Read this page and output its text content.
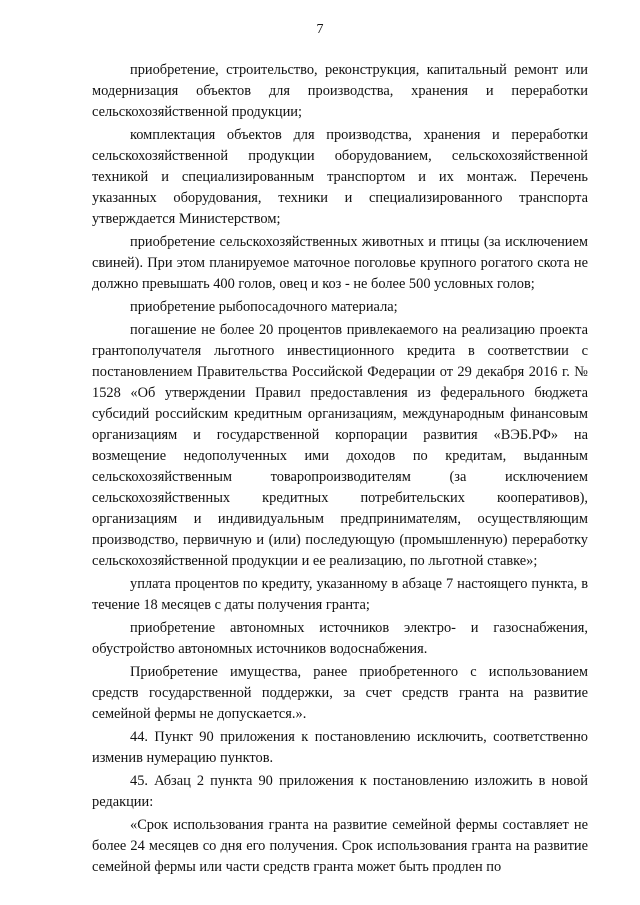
7

приобретение, строительство, реконструкция, капитальный ремонт или модернизация объектов для производства, хранения и переработки сельскохозяйственной продукции;

комплектация объектов для производства, хранения и переработки сельскохозяйственной продукции оборудованием, сельскохозяйственной техникой и специализированным транспортом и их монтаж. Перечень указанных оборудования, техники и специализированного транспорта утверждается Министерством;

приобретение сельскохозяйственных животных и птицы (за исключением свиней). При этом планируемое маточное поголовье крупного рогатого скота не должно превышать 400 голов, овец и коз - не более 500 условных голов;

приобретение рыбопосадочного материала;

погашение не более 20 процентов привлекаемого на реализацию проекта грантополучателя льготного инвестиционного кредита в соответствии с постановлением Правительства Российской Федерации от 29 декабря 2016 г. № 1528 «Об утверждении Правил предоставления из федерального бюджета субсидий российским кредитным организациям, международным финансовым организациям и государственной корпорации развития «ВЭБ.РФ» на возмещение недополученных ими доходов по кредитам, выданным сельскохозяйственным товаропроизводителям (за исключением сельскохозяйственных кредитных потребительских кооперативов), организациям и индивидуальным предпринимателям, осуществляющим производство, первичную и (или) последующую (промышленную) переработку сельскохозяйственной продукции и ее реализацию, по льготной ставке»;

уплата процентов по кредиту, указанному в абзаце 7 настоящего пункта, в течение 18 месяцев с даты получения гранта;

приобретение автономных источников электро- и газоснабжения, обустройство автономных источников водоснабжения.

Приобретение имущества, ранее приобретенного с использованием средств государственной поддержки, за счет средств гранта на развитие семейной фермы не допускается.».

44. Пункт 90 приложения к постановлению исключить, соответственно изменив нумерацию пунктов.

45. Абзац 2 пункта 90 приложения к постановлению изложить в новой редакции:

«Срок использования гранта на развитие семейной фермы составляет не более 24 месяцев со дня его получения. Срок использования гранта на развитие семейной фермы или части средств гранта может быть продлен по
